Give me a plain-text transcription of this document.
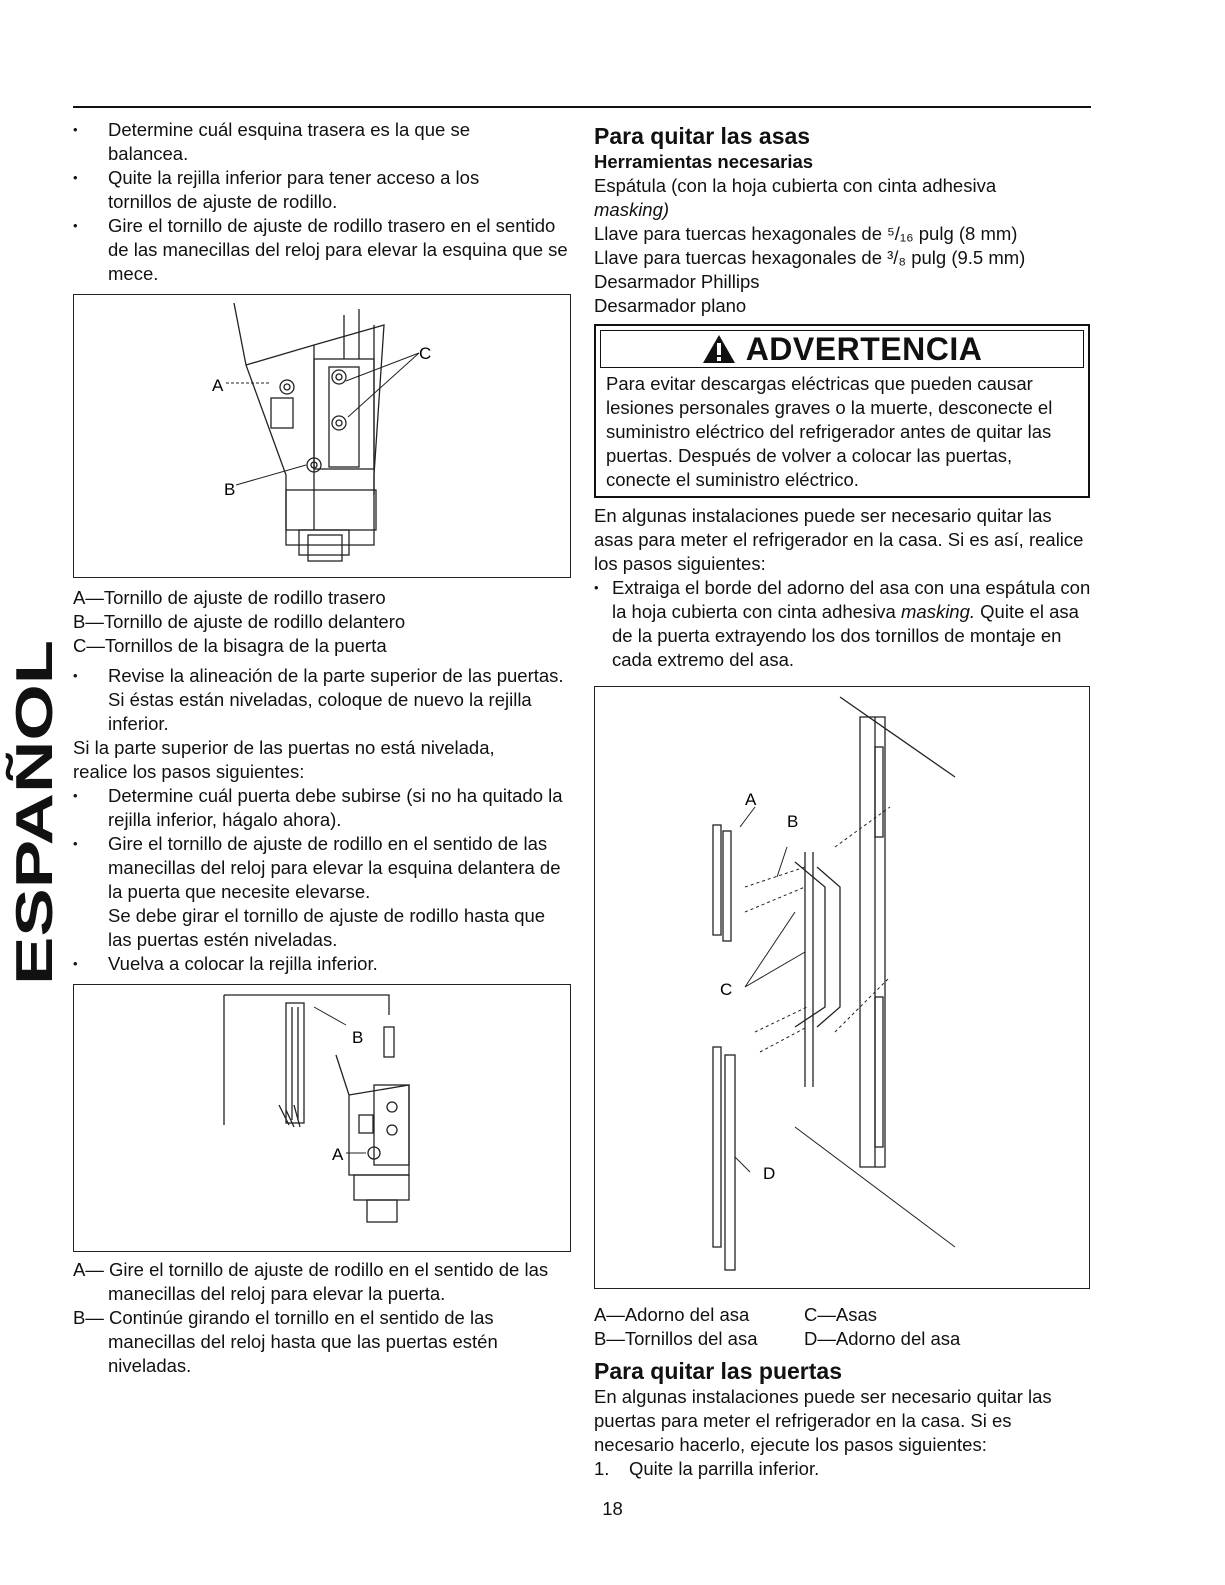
ESPAÑOL
• Determine cuál esquina trasera es la que se balancea.
• Quite la rejilla inferior para tener acceso a los tornillos de ajuste de rodillo.
• Gire el tornillo de ajuste de rodillo trasero en el sentido de las manecillas del reloj para elevar la esquina que se mece.
A
B
C

A—Tornillo de ajuste de rodillo trasero

B—Tornillo de ajuste de rodillo delantero

C—Tornillos de la bisagra de la puerta

• Revise la alineación de la parte superior de las puertas. Si éstas están niveladas, coloque de nuevo la rejilla inferior.

Si la parte superior de las puertas no está nivelada, realice los pasos siguientes:

• Determine cuál puerta debe subirse (si no ha quitado la rejilla inferior, hágalo ahora).
• Gire el tornillo de ajuste de rodillo en el sentido de las manecillas del reloj para elevar la esquina delantera de la puerta que necesite elevarse.
Se debe girar el tornillo de ajuste de rodillo hasta que las puertas estén niveladas.
• Vuelva a colocar la rejilla inferior.
B
A

A— Gire el tornillo de ajuste de rodillo en el sentido de las manecillas del reloj para elevar la puerta.

B— Continúe girando el tornillo en el sentido de las manecillas del reloj hasta que las puertas estén niveladas.

Para quitar las asas
Herramientas necesarias

Espátula (con la hoja cubierta con cinta adhesiva

masking)

Llave para tuercas hexagonales de ⁵/₁₆ pulg (8 mm)

Llave para tuercas hexagonales de ³/₈ pulg (9.5 mm)

Desarmador Phillips

Desarmador plano

ADVERTENCIA
Para evitar descargas eléctricas que pueden causar lesiones personales graves o la muerte, desconecte el suministro eléctrico del refrigerador antes de quitar las puertas. Después de volver a colocar las puertas, conecte el suministro eléctrico.

En algunas instalaciones puede ser necesario quitar las asas para meter el refrigerador en la casa. Si es así, realice los pasos siguientes:

• Extraiga el borde del adorno del asa con una espátula con la hoja cubierta con cinta adhesiva masking. Quite el asa de la puerta extrayendo los dos tornillos de montaje en cada extremo del asa.
A
B
C
D
A—Adorno del asa	C—Asas
B—Tornillos del asa	D—Adorno del asa
Para quitar las puertas

En algunas instalaciones puede ser necesario quitar las puertas para meter el refrigerador en la casa. Si es necesario hacerlo, ejecute los pasos siguientes:

1.	Quite la parrilla inferior.
18
